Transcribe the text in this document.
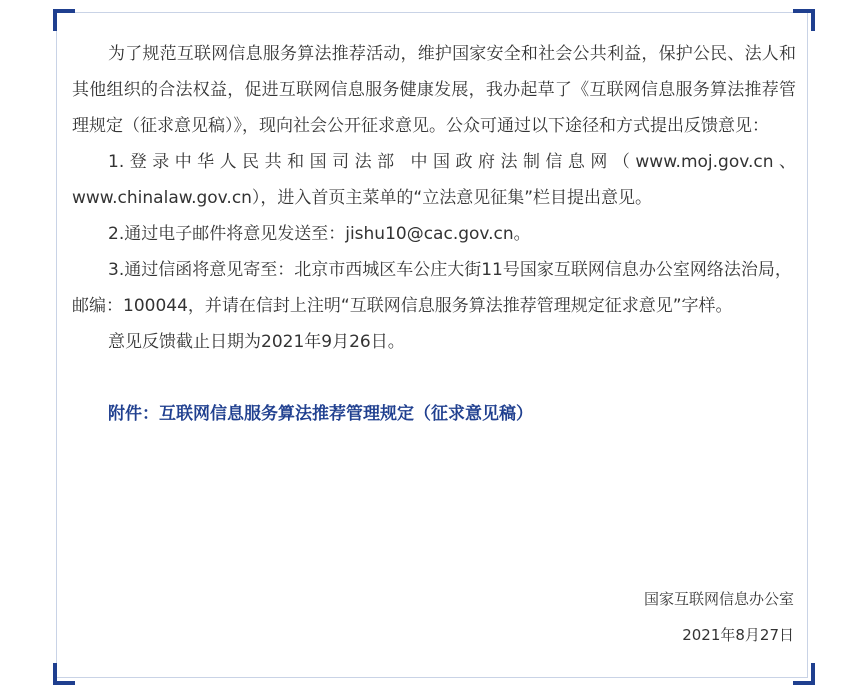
为了规范互联网信息服务算法推荐活动，维护国家安全和社会公共利益，保护公民、法人和其他组织的合法权益，促进互联网信息服务健康发展，我办起草了《互联网信息服务算法推荐管理规定（征求意见稿）》，现向社会公开征求意见。公众可通过以下途径和方式提出反馈意见：

1.登录中华人民共和国司法部 中国政府法制信息网（www.moj.gov.cn、www.chinalaw.gov.cn），进入首页主菜单的“立法意见征集”栏目提出意见。

2.通过电子邮件将意见发送至：jishu10@cac.gov.cn。

3.通过信函将意见寄至：北京市西城区车公庄大街11号国家互联网信息办公室网络法治局，邮编：100044，并请在信封上注明“互联网信息服务算法推荐管理规定征求意见”字样。

意见反馈截止日期为2021年9月26日。

附件：互联网信息服务算法推荐管理规定（征求意见稿）

国家互联网信息办公室
2021年8月27日
